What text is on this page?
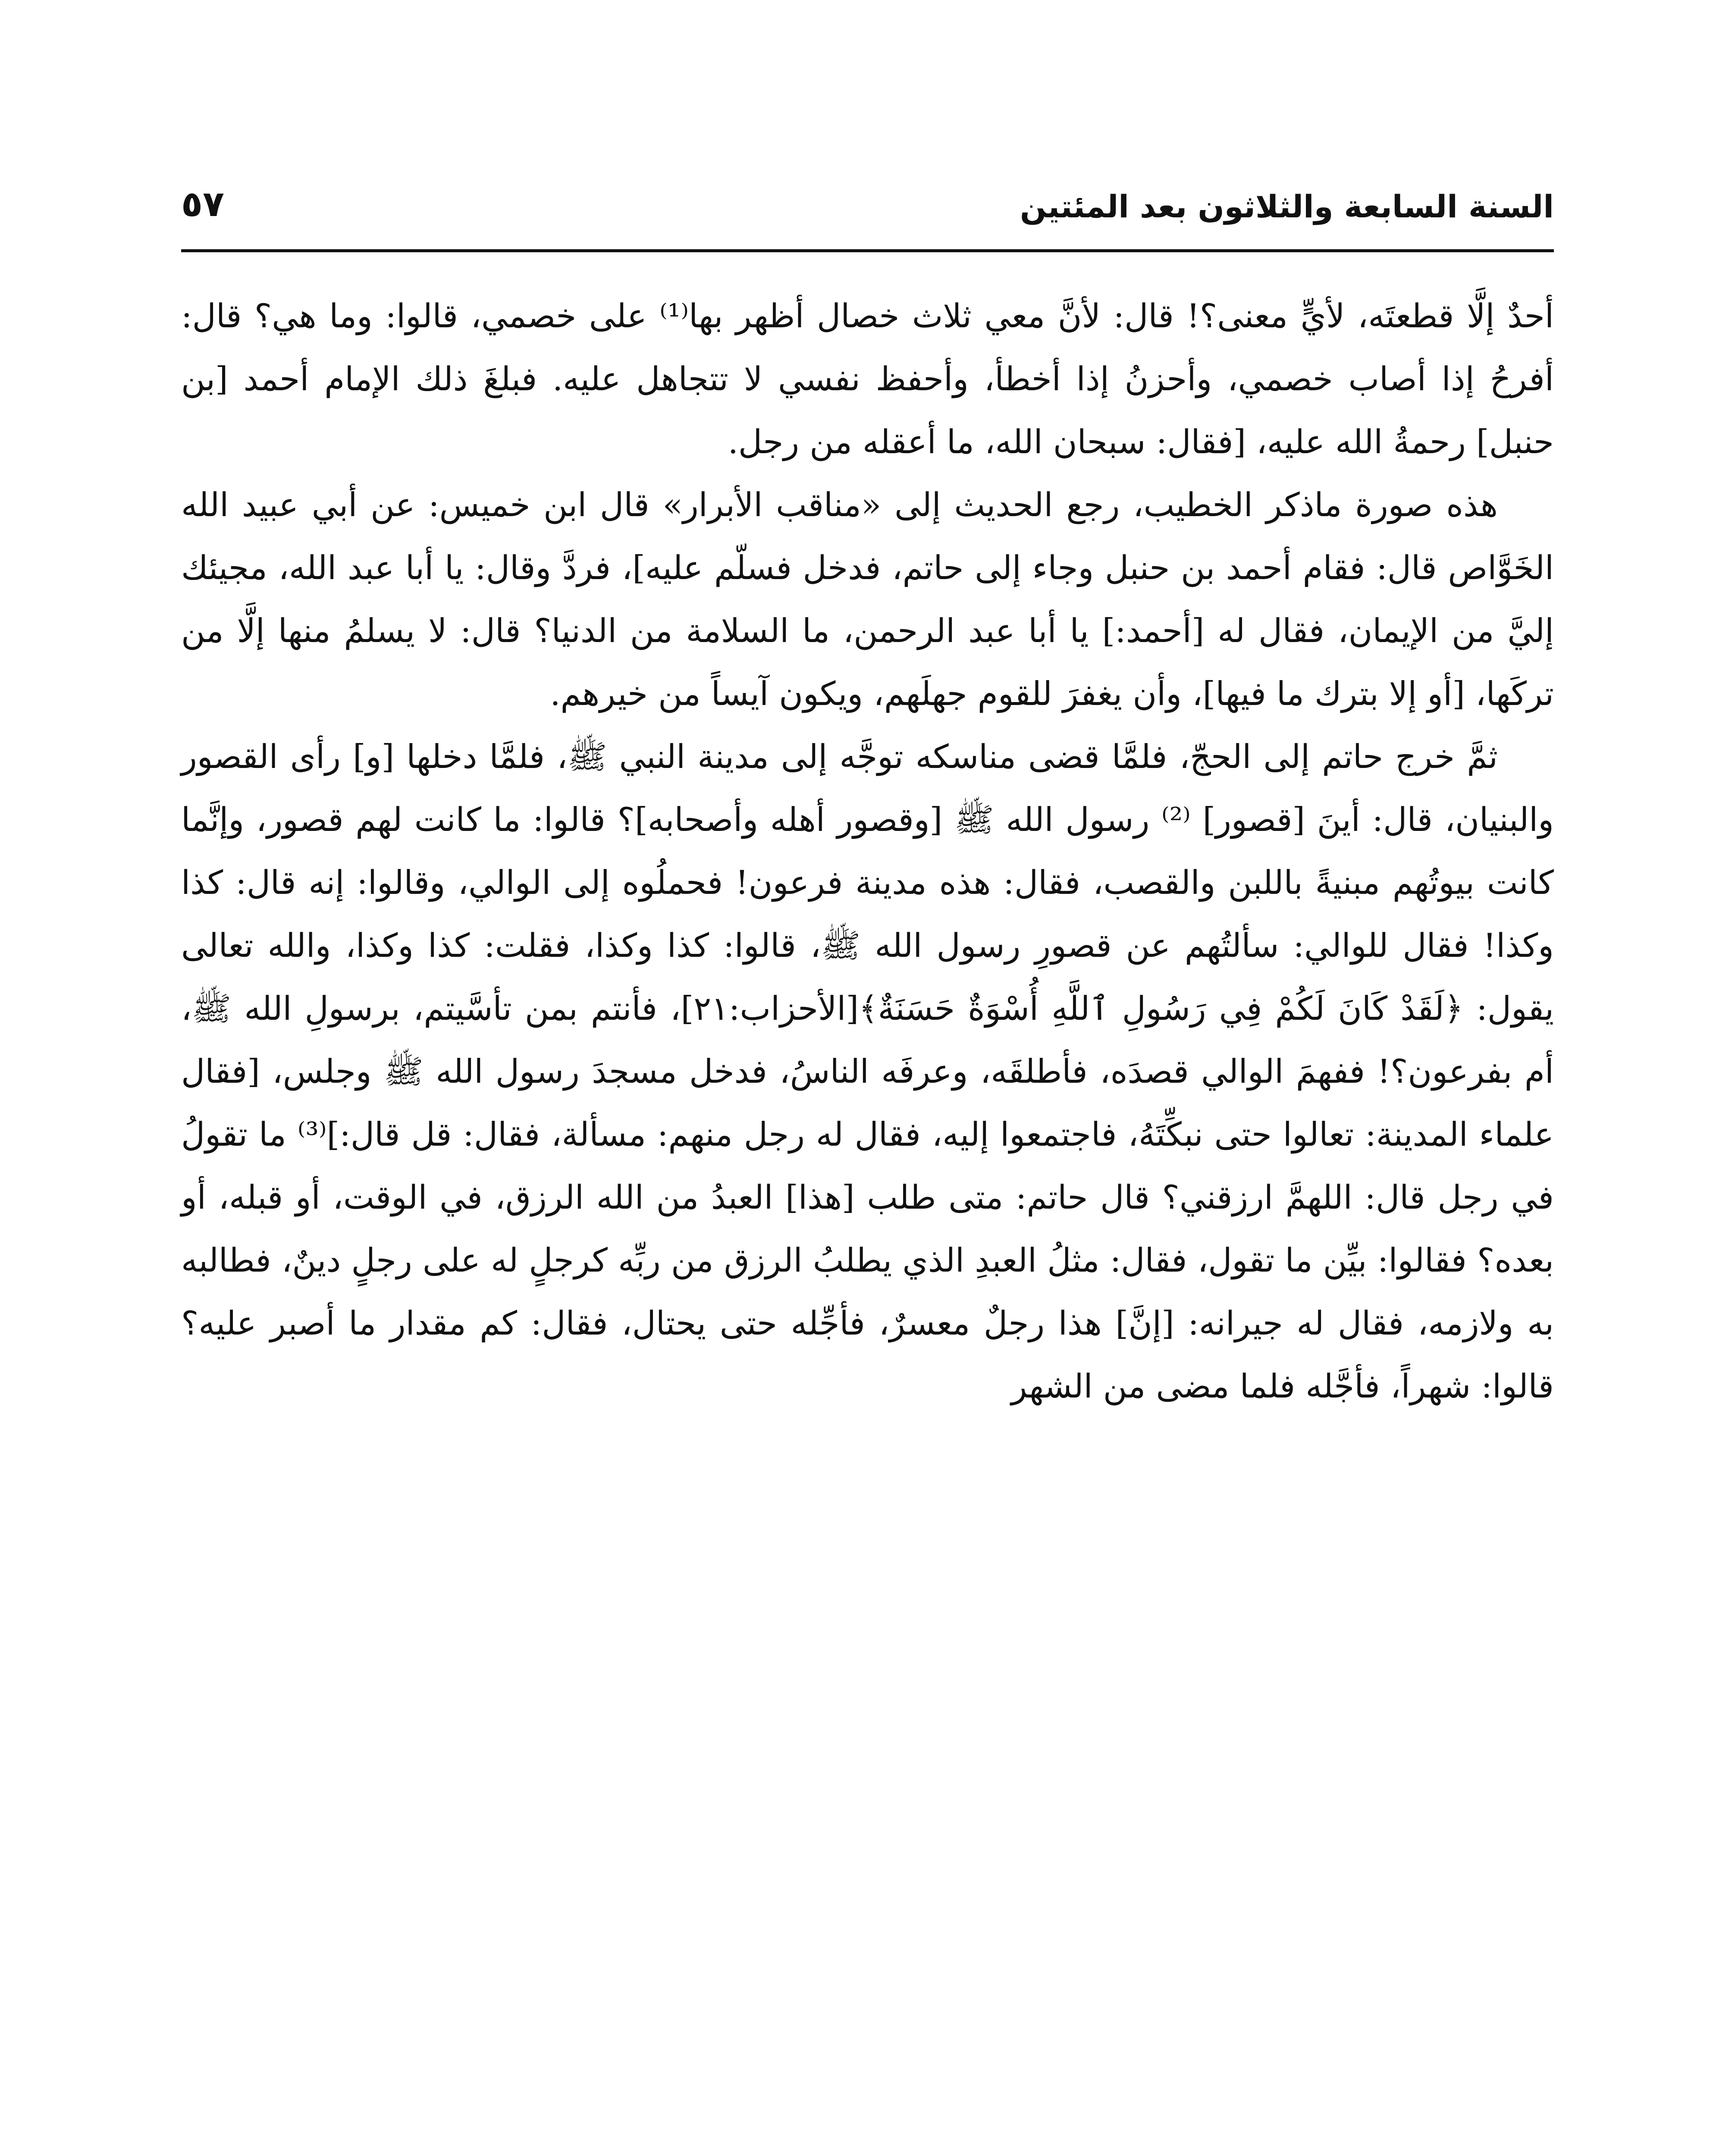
السنة السابعة والثلاثون بعد المئتين
٥٧

أحدٌ إلَّا قطعتَه، لأيٍّ معنى؟! قال: لأنَّ معي ثلاث خصال أظهر بها⁽¹⁾ على خصمي، قالوا: وما هي؟ قال: أفرحُ إذا أصاب خصمي، وأحزنُ إذا أخطأ، وأحفظ نفسي لا تتجاهل عليه. فبلغَ ذلك الإمام أحمد [بن حنبل] رحمةُ الله عليه، [فقال: سبحان الله، ما أعقله من رجل.

هذه صورة ماذكر الخطيب، رجع الحديث إلى «مناقب الأبرار» قال ابن خميس: عن أبي عبيد الله الخَوَّاص قال: فقام أحمد بن حنبل وجاء إلى حاتم، فدخل فسلّم عليه]، فردَّ وقال: يا أبا عبد الله، مجيئك إليَّ من الإيمان، فقال له [أحمد:] يا أبا عبد الرحمن، ما السلامة من الدنيا؟ قال: لا يسلمُ منها إلَّا من تركَها، [أو إلا بترك ما فيها]، وأن يغفرَ للقوم جهلَهم، ويكون آيساً من خيرهم.

ثمَّ خرج حاتم إلى الحجّ، فلمَّا قضى مناسكه توجَّه إلى مدينة النبي ﷺ، فلمَّا دخلها [و] رأى القصور والبنيان، قال: أينَ [قصور] ⁽²⁾ رسول الله ﷺ [وقصور أهله وأصحابه]؟ قالوا: ما كانت لهم قصور، وإنَّما كانت بيوتُهم مبنيةً باللبن والقصب، فقال: هذه مدينة فرعون! فحملُوه إلى الوالي، وقالوا: إنه قال: كذا وكذا! فقال للوالي: سألتُهم عن قصورِ رسول الله ﷺ، قالوا: كذا وكذا، فقلت: كذا وكذا، والله تعالى يقول: ﴿لَقَدْ كَانَ لَكُمْ فِي رَسُولِ ٱللَّهِ أُسْوَةٌ حَسَنَةٌ﴾[الأحزاب:٢١]، فأنتم بمن تأسَّيتم، برسولِ الله ﷺ، أم بفرعون؟! ففهمَ الوالي قصدَه، فأطلقَه، وعرفَه الناسُ، فدخل مسجدَ رسول الله ﷺ وجلس، [فقال علماء المدينة: تعالوا حتى نبكِّتَهُ، فاجتمعوا إليه، فقال له رجل منهم: مسألة، فقال: قل قال:]⁽³⁾ ما تقولُ في رجل قال: اللهمَّ ارزقني؟ قال حاتم: متى طلب [هذا] العبدُ من الله الرزق، في الوقت، أو قبله، أو بعده؟ فقالوا: بيِّن ما تقول، فقال: مثلُ العبدِ الذي يطلبُ الرزق من ربِّه كرجلٍ له على رجلٍ دينٌ، فطالبه به ولازمه، فقال له جيرانه: [إنَّ] هذا رجلٌ معسرٌ، فأجِّله حتى يحتال، فقال: كم مقدار ما أصبر عليه؟ قالوا: شهراً، فأجَّله فلما مضى من الشهر
